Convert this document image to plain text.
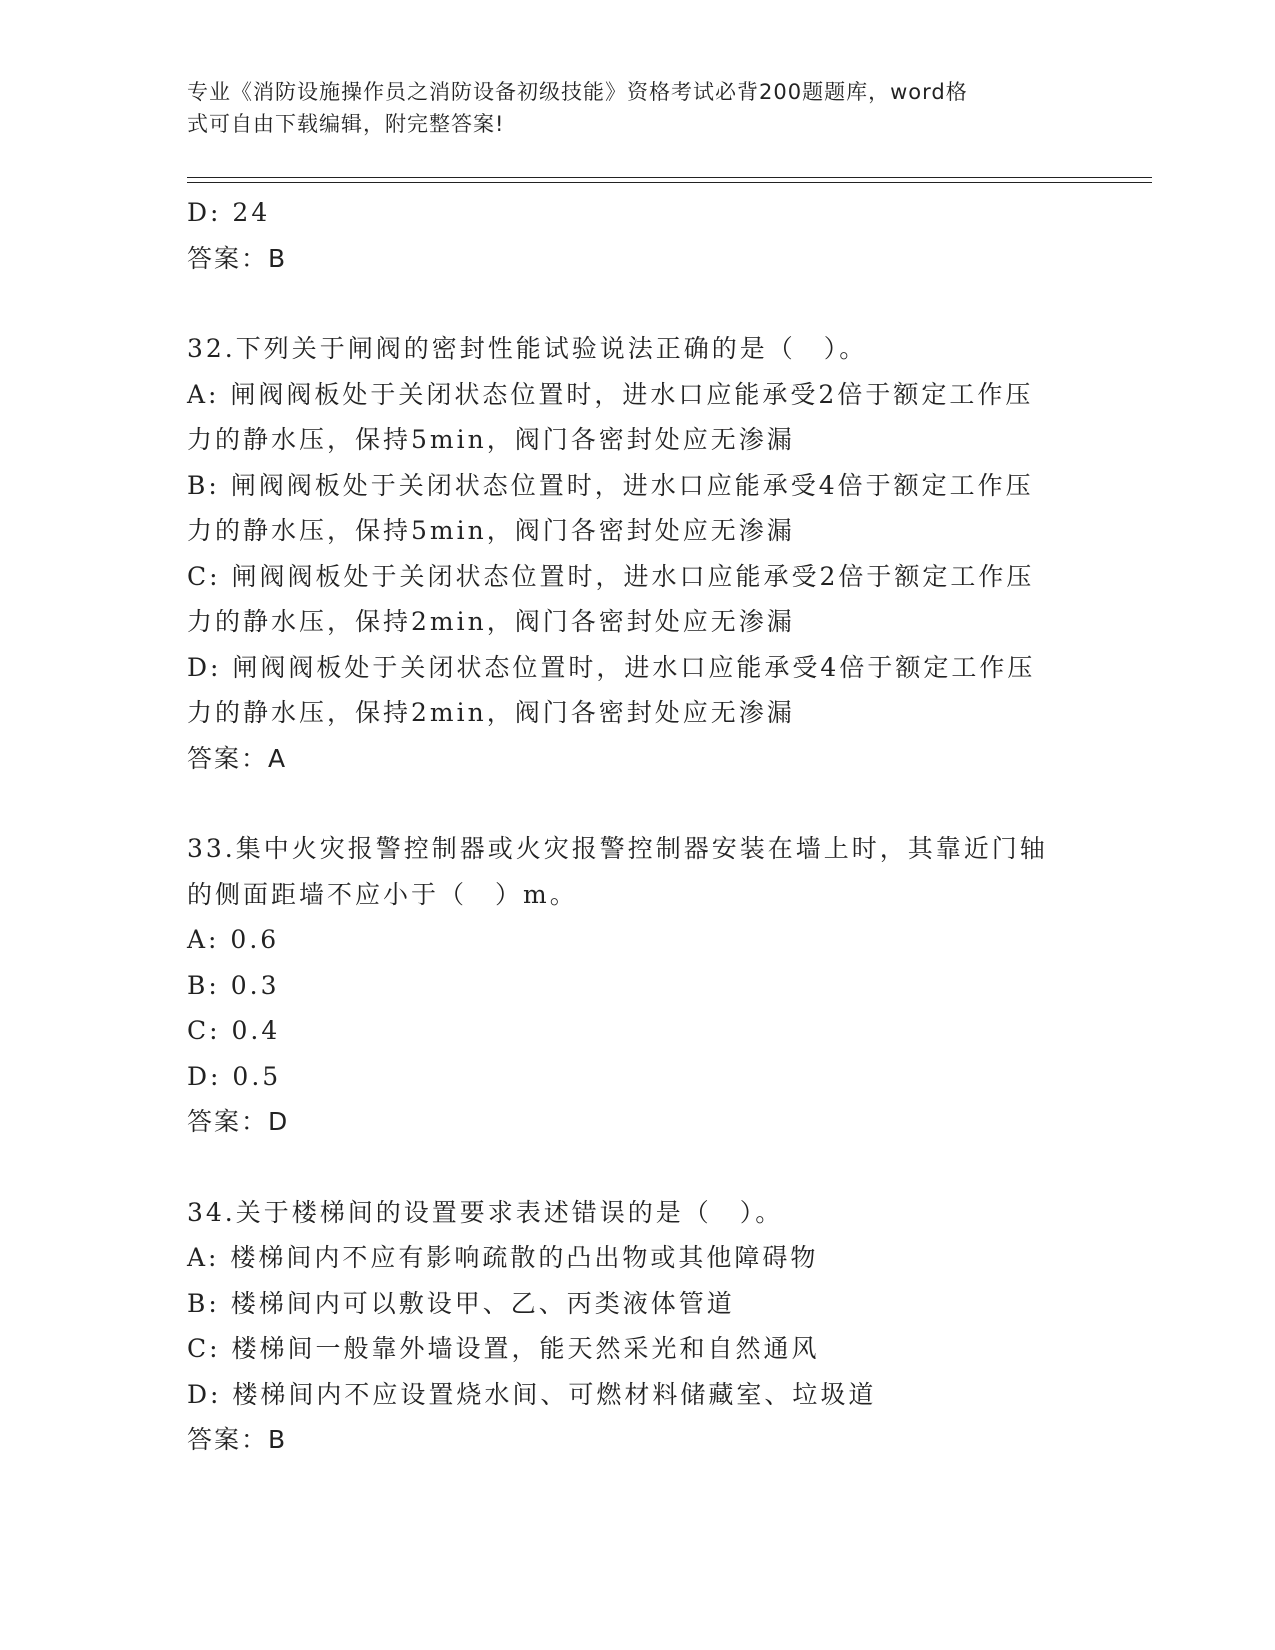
专业《消防设施操作员之消防设备初级技能》资格考试必背200题题库，word格
式可自由下载编辑，附完整答案!
D: 24
答案：B
32.下列关于闸阀的密封性能试验说法正确的是（　）。
A: 闸阀阀板处于关闭状态位置时，进水口应能承受2倍于额定工作压
力的静水压，保持5min，阀门各密封处应无渗漏
B: 闸阀阀板处于关闭状态位置时，进水口应能承受4倍于额定工作压
力的静水压，保持5min，阀门各密封处应无渗漏
C: 闸阀阀板处于关闭状态位置时，进水口应能承受2倍于额定工作压
力的静水压，保持2min，阀门各密封处应无渗漏
D: 闸阀阀板处于关闭状态位置时，进水口应能承受4倍于额定工作压
力的静水压，保持2min，阀门各密封处应无渗漏
答案：A
33.集中火灾报警控制器或火灾报警控制器安装在墙上时，其靠近门轴
的侧面距墙不应小于（　）m。
A: 0.6
B: 0.3
C: 0.4
D: 0.5
答案：D
34.关于楼梯间的设置要求表述错误的是（　）。
A: 楼梯间内不应有影响疏散的凸出物或其他障碍物
B: 楼梯间内可以敷设甲、乙、丙类液体管道
C: 楼梯间一般靠外墙设置，能天然采光和自然通风
D: 楼梯间内不应设置烧水间、可燃材料储藏室、垃圾道
答案：B
